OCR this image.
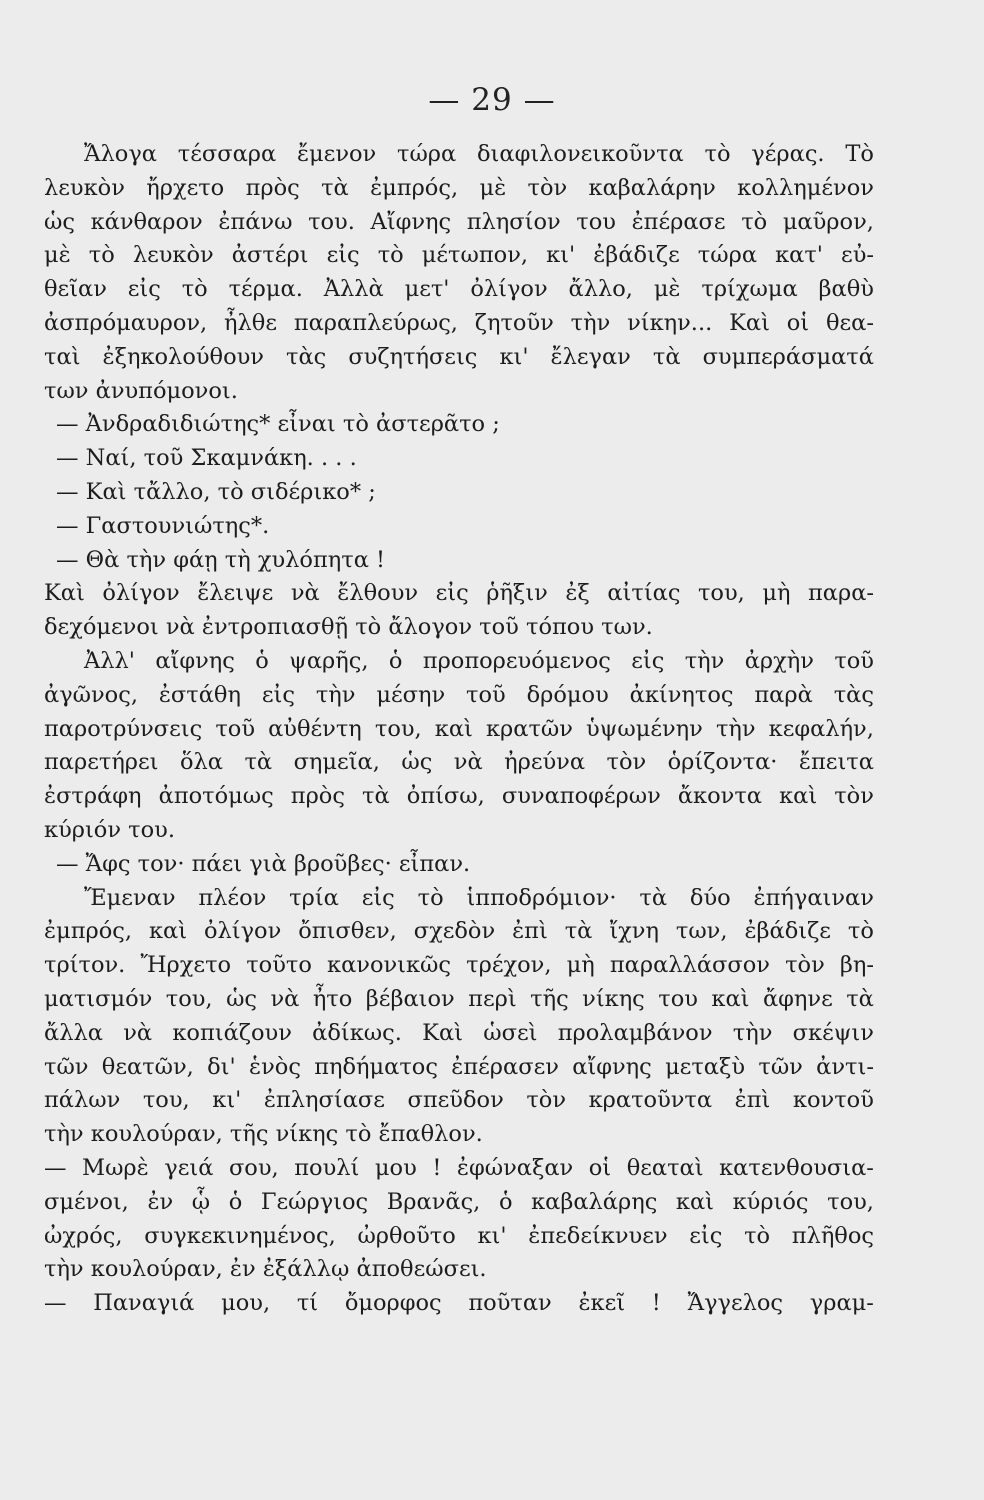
— 29 —
Ἄλογα τέσσαρα ἔμενον τώρα διαφιλονεικοῦντα τὸ γέρας. Τὸ
λευκὸν ἤρχετο πρὸς τὰ ἐμπρός, μὲ τὸν καβαλάρην κολλημένον
ὡς κάνθαρον ἐπάνω του. Αἴφνης πλησίον του ἐπέρασε τὸ μαῦρον,
μὲ τὸ λευκὸν ἀστέρι εἰς τὸ μέτωπον, κι' ἐβάδιζε τώρα κατ' εὐ-
θεῖαν εἰς τὸ τέρμα. Ἀλλὰ μετ' ὀλίγον ἄλλο, μὲ τρίχωμα βαθὺ
ἀσπρόμαυρον, ἦλθε παραπλεύρως, ζητοῦν τὴν νίκην... Καὶ οἱ θεα-
ταὶ ἐξηκολούθουν τὰς συζητήσεις κι' ἔλεγαν τὰ συμπεράσματά
των ἀνυπόμονοι.
— Ἀνδραδιδιώτης* εἶναι τὸ ἀστερᾶτο ;
— Ναί, τοῦ Σκαμνάκη. . . .
— Καὶ τἄλλο, τὸ σιδέρικο* ;
— Γαστουνιώτης*.
— Θὰ τὴν φάῃ τὴ χυλόπητα !
Καὶ ὀλίγον ἔλειψε νὰ ἔλθουν εἰς ῥῆξιν ἐξ αἰτίας του, μὴ παρα-
δεχόμενοι νὰ ἐντροπιασθῇ τὸ ἄλογον τοῦ τόπου των.
Ἀλλ' αἴφνης ὁ ψαρῆς, ὁ προπορευόμενος εἰς τὴν ἀρχὴν τοῦ
ἀγῶνος, ἐστάθη εἰς τὴν μέσην τοῦ δρόμου ἀκίνητος παρὰ τὰς
παροτρύνσεις τοῦ αὐθέντη του, καὶ κρατῶν ὑψωμένην τὴν κεφαλήν,
παρετήρει ὅλα τὰ σημεῖα, ὡς νὰ ἠρεύνα τὸν ὁρίζοντα· ἔπειτα
ἐστράφη ἀποτόμως πρὸς τὰ ὀπίσω, συναποφέρων ἄκοντα καὶ τὸν
κύριόν του.
— Ἄφς τον· πάει γιὰ βροῦβες· εἶπαν.
Ἔμεναν πλέον τρία εἰς τὸ ἱπποδρόμιον· τὰ δύο ἐπήγαιναν
ἐμπρός, καὶ ὀλίγον ὄπισθεν, σχεδὸν ἐπὶ τὰ ἴχνη των, ἐβάδιζε τὸ
τρίτον. Ἤρχετο τοῦτο κανονικῶς τρέχον, μὴ παραλλάσσον τὸν βη-
ματισμόν του, ὡς νὰ ἦτο βέβαιον περὶ τῆς νίκης του καὶ ἄφηνε τὰ
ἄλλα νὰ κοπιάζουν ἀδίκως. Καὶ ὡσεὶ προλαμβάνον τὴν σκέψιν
τῶν θεατῶν, δι' ἑνὸς πηδήματος ἐπέρασεν αἴφνης μεταξὺ τῶν ἀντι-
πάλων του, κι' ἐπλησίασε σπεῦδον τὸν κρατοῦντα ἐπὶ κοντοῦ
τὴν κουλούραν, τῆς νίκης τὸ ἔπαθλον.
— Μωρὲ γειά σου, πουλί μου ! ἐφώναξαν οἱ θεαταὶ κατενθουσια-
σμένοι, ἐν ᾧ ὁ Γεώργιος Βρανᾶς, ὁ καβαλάρης καὶ κύριός του,
ὠχρός, συγκεκινημένος, ὠρθοῦτο κι' ἐπεδείκνυεν εἰς τὸ πλῆθος
τὴν κουλούραν, ἐν ἐξάλλῳ ἀποθεώσει.
— Παναγιά μου, τί ὄμορφος ποῦταν ἐκεῖ ! Ἄγγελος γραμ-
